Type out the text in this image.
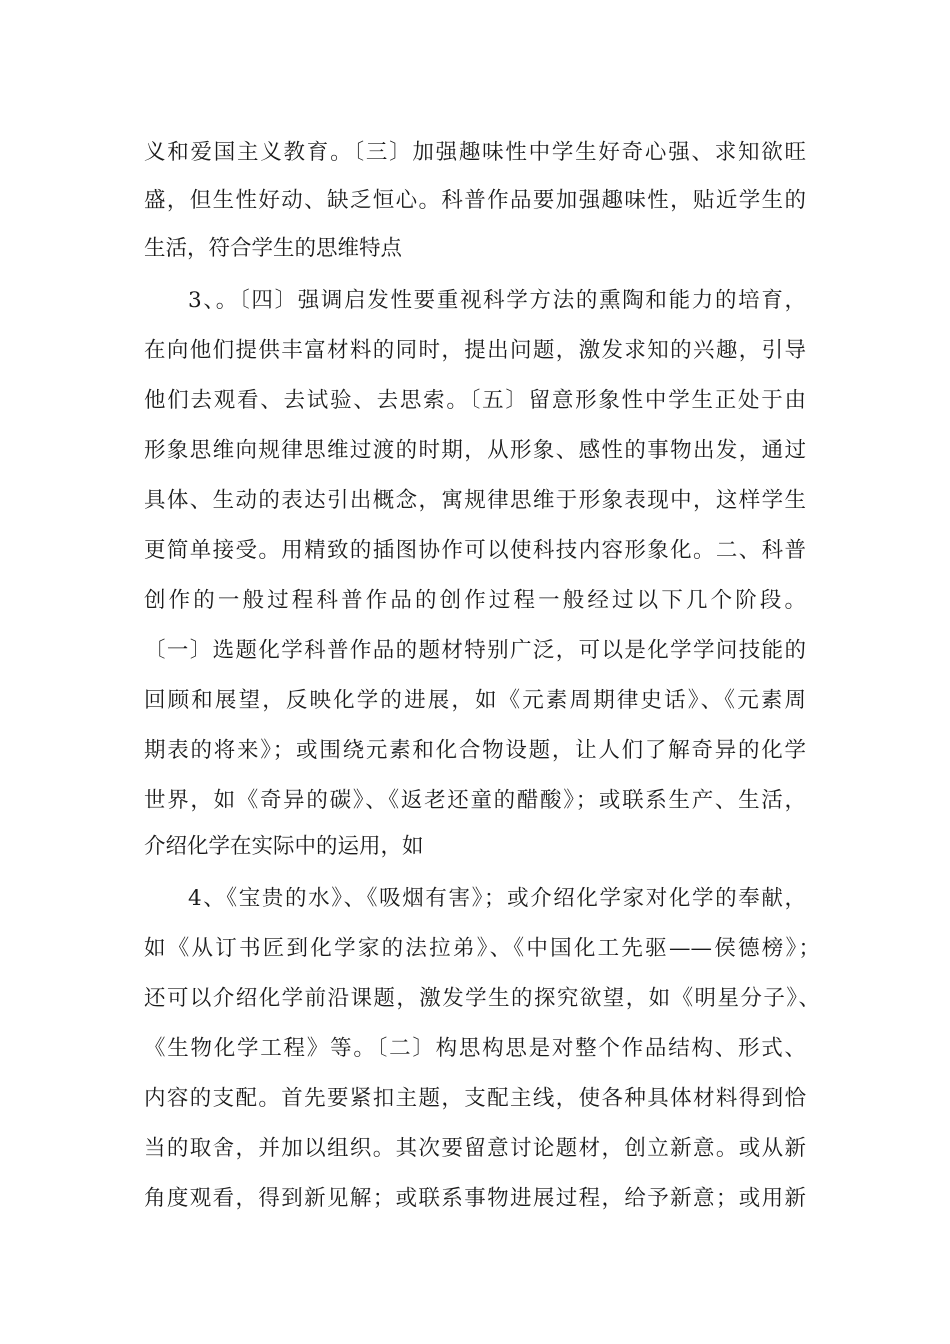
义和爱国主义教育。〔三〕加强趣味性中学生好奇心强、求知欲旺
盛，但生性好动、缺乏恒心。科普作品要加强趣味性，贴近学生的
生活，符合学生的思维特点
3、。〔四〕强调启发性要重视科学方法的熏陶和能力的培育，
在向他们提供丰富材料的同时，提出问题，激发求知的兴趣，引导
他们去观看、去试验、去思索。〔五〕留意形象性中学生正处于由
形象思维向规律思维过渡的时期，从形象、感性的事物出发，通过
具体、生动的表达引出概念，寓规律思维于形象表现中，这样学生
更简单接受。用精致的插图协作可以使科技内容形象化。二、科普
创作的一般过程科普作品的创作过程一般经过以下几个阶段。
〔一〕选题化学科普作品的题材特别广泛，可以是化学学问技能的
回顾和展望，反映化学的进展，如《元素周期律史话》、《元素周
期表的将来》；或围绕元素和化合物设题，让人们了解奇异的化学
世界，如《奇异的碳》、《返老还童的醋酸》；或联系生产、生活，
介绍化学在实际中的运用，如
4、《宝贵的水》、《吸烟有害》；或介绍化学家对化学的奉献，
如《从订书匠到化学家的法拉弟》、《中国化工先驱——侯德榜》；
还可以介绍化学前沿课题，激发学生的探究欲望，如《明星分子》、
《生物化学工程》等。〔二〕构思构思是对整个作品结构、形式、
内容的支配。首先要紧扣主题，支配主线，使各种具体材料得到恰
当的取舍，并加以组织。其次要留意讨论题材，创立新意。或从新
角度观看，得到新见解；或联系事物进展过程，给予新意；或用新
